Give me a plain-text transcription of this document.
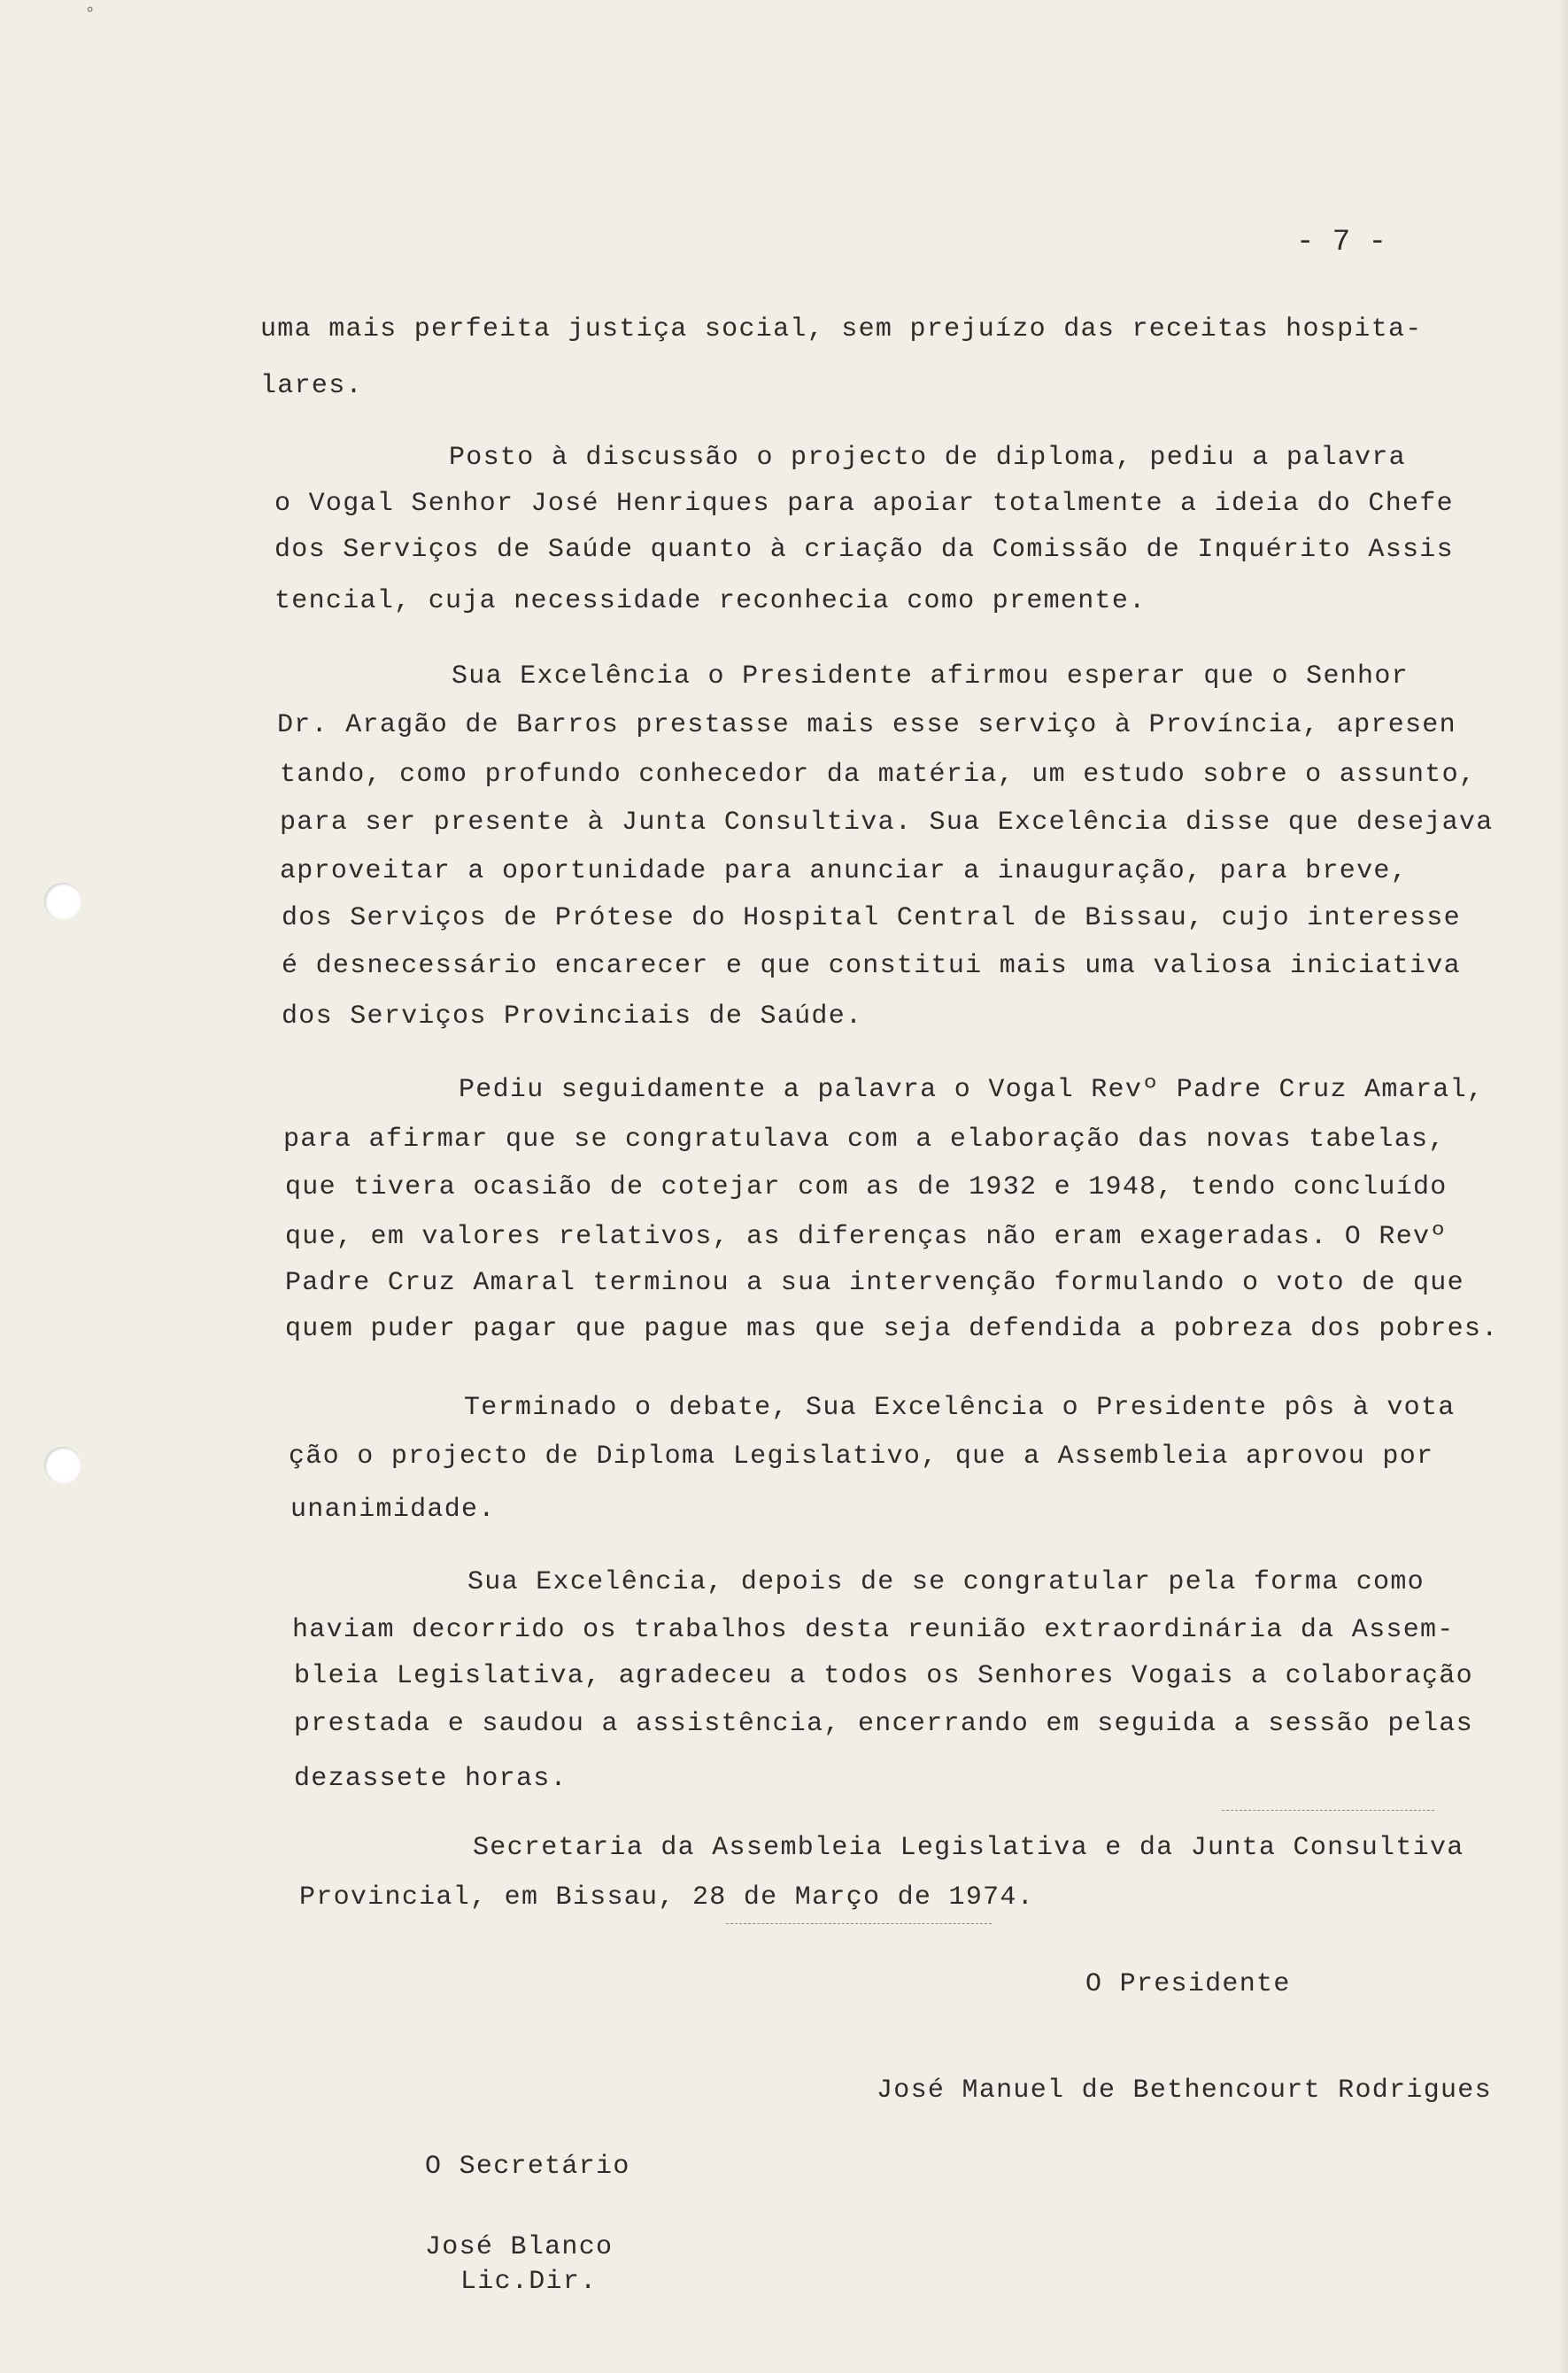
˚
- 7 -
uma mais perfeita justiça social, sem prejuízo das receitas hospita-
lares.
Posto à discussão o projecto de diploma, pediu a palavra
o Vogal Senhor José Henriques para apoiar totalmente a ideia do Chefe
dos Serviços de Saúde quanto à criação da Comissão de Inquérito Assis
tencial, cuja necessidade reconhecia como premente.
Sua Excelência o Presidente afirmou esperar que o Senhor
Dr. Aragão de Barros prestasse mais esse serviço à Província, apresen
tando, como profundo conhecedor da matéria, um estudo sobre o assunto,
para ser presente à Junta Consultiva. Sua Excelência disse que desejava
aproveitar a oportunidade para anunciar a inauguração, para breve,
dos Serviços de Prótese do Hospital Central de Bissau, cujo interesse
é desnecessário encarecer e que constitui mais uma valiosa iniciativa
dos Serviços Provinciais de Saúde.
Pediu seguidamente a palavra o Vogal Revº Padre Cruz Amaral,
para afirmar que se congratulava com a elaboração das novas tabelas,
que tivera ocasião de cotejar com as de 1932 e 1948, tendo concluído
que, em valores relativos, as diferenças não eram exageradas. O Revº
Padre Cruz Amaral terminou a sua intervenção formulando o voto de que
quem puder pagar que pague mas que seja defendida a pobreza dos pobres.
Terminado o debate, Sua Excelência o Presidente pôs à vota
ção o projecto de Diploma Legislativo, que a Assembleia aprovou por
unanimidade.
Sua Excelência, depois de se congratular pela forma como
haviam decorrido os trabalhos desta reunião extraordinária da Assem-
bleia Legislativa, agradeceu a todos os Senhores Vogais a colaboração
prestada e saudou a assistência, encerrando em seguida a sessão pelas
dezassete horas.
Secretaria da Assembleia Legislativa e da Junta Consultiva
Provincial, em Bissau, 28 de Março de 1974.
O Presidente
José Manuel de Bethencourt Rodrigues
O Secretário
José Blanco
Lic.Dir.
